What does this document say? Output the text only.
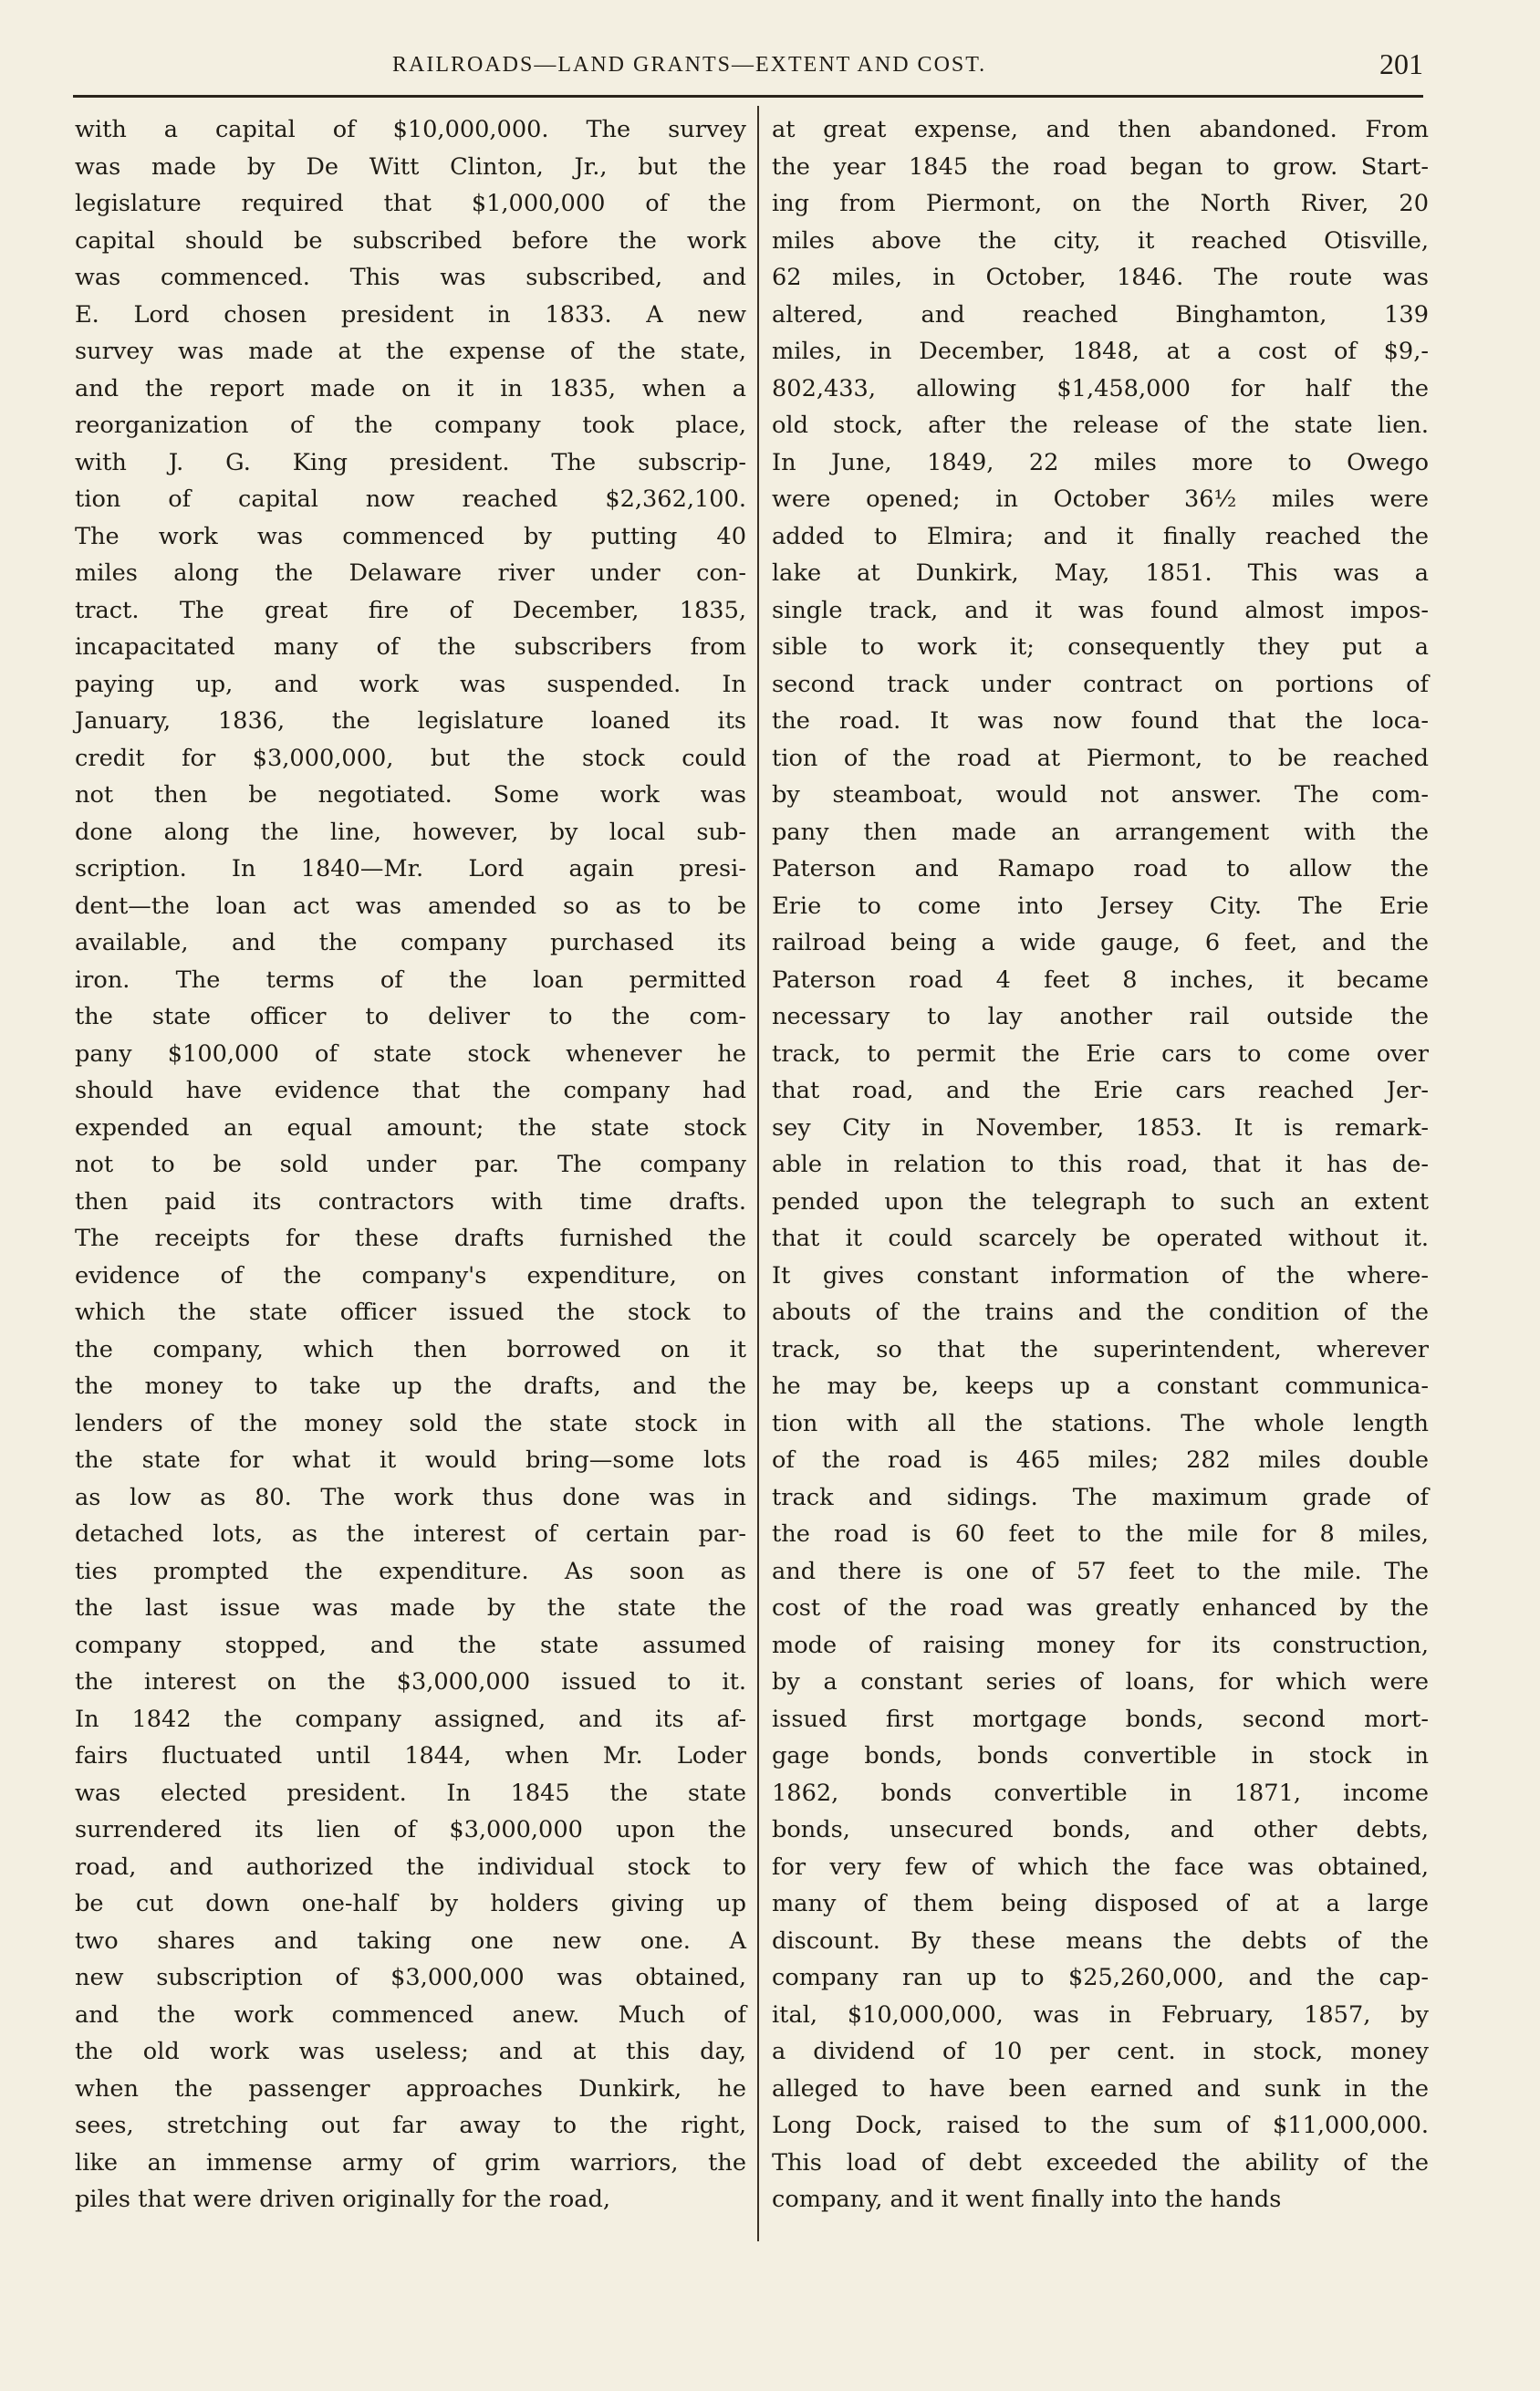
RAILROADS—LAND GRANTS—EXTENT AND COST.	201
with a capital of $10,000,000. The survey
was made by De Witt Clinton, Jr., but the
legislature required that $1,000,000 of the
capital should be subscribed before the work
was commenced. This was subscribed, and
E. Lord chosen president in 1833. A new
survey was made at the expense of the state,
and the report made on it in 1835, when a
reorganization of the company took place,
with J. G. King president. The subscrip-
tion of capital now reached $2,362,100.
The work was commenced by putting 40
miles along the Delaware river under con-
tract. The great fire of December, 1835,
incapacitated many of the subscribers from
paying up, and work was suspended. In
January, 1836, the legislature loaned its
credit for $3,000,000, but the stock could
not then be negotiated. Some work was
done along the line, however, by local sub-
scription. In 1840—Mr. Lord again presi-
dent—the loan act was amended so as to be
available, and the company purchased its
iron. The terms of the loan permitted
the state officer to deliver to the com-
pany $100,000 of state stock whenever he
should have evidence that the company had
expended an equal amount; the state stock
not to be sold under par. The company
then paid its contractors with time drafts.
The receipts for these drafts furnished the
evidence of the company's expenditure, on
which the state officer issued the stock to
the company, which then borrowed on it
the money to take up the drafts, and the
lenders of the money sold the state stock in
the state for what it would bring—some lots
as low as 80. The work thus done was in
detached lots, as the interest of certain par-
ties prompted the expenditure. As soon as
the last issue was made by the state the
company stopped, and the state assumed
the interest on the $3,000,000 issued to it.
In 1842 the company assigned, and its af-
fairs fluctuated until 1844, when Mr. Loder
was elected president. In 1845 the state
surrendered its lien of $3,000,000 upon the
road, and authorized the individual stock to
be cut down one-half by holders giving up
two shares and taking one new one. A
new subscription of $3,000,000 was obtained,
and the work commenced anew. Much of
the old work was useless; and at this day,
when the passenger approaches Dunkirk, he
sees, stretching out far away to the right,
like an immense army of grim warriors, the
piles that were driven originally for the road,
at great expense, and then abandoned. From
the year 1845 the road began to grow. Start-
ing from Piermont, on the North River, 20
miles above the city, it reached Otisville,
62 miles, in October, 1846. The route was
altered, and reached Binghamton, 139
miles, in December, 1848, at a cost of $9,-
802,433, allowing $1,458,000 for half the
old stock, after the release of the state lien.
In June, 1849, 22 miles more to Owego
were opened; in October 36½ miles were
added to Elmira; and it finally reached the
lake at Dunkirk, May, 1851. This was a
single track, and it was found almost impos-
sible to work it; consequently they put a
second track under contract on portions of
the road. It was now found that the loca-
tion of the road at Piermont, to be reached
by steamboat, would not answer. The com-
pany then made an arrangement with the
Paterson and Ramapo road to allow the
Erie to come into Jersey City. The Erie
railroad being a wide gauge, 6 feet, and the
Paterson road 4 feet 8 inches, it became
necessary to lay another rail outside the
track, to permit the Erie cars to come over
that road, and the Erie cars reached Jer-
sey City in November, 1853. It is remark-
able in relation to this road, that it has de-
pended upon the telegraph to such an extent
that it could scarcely be operated without it.
It gives constant information of the where-
abouts of the trains and the condition of the
track, so that the superintendent, wherever
he may be, keeps up a constant communica-
tion with all the stations. The whole length
of the road is 465 miles; 282 miles double
track and sidings. The maximum grade of
the road is 60 feet to the mile for 8 miles,
and there is one of 57 feet to the mile. The
cost of the road was greatly enhanced by the
mode of raising money for its construction,
by a constant series of loans, for which were
issued first mortgage bonds, second mort-
gage bonds, bonds convertible in stock in
1862, bonds convertible in 1871, income
bonds, unsecured bonds, and other debts,
for very few of which the face was obtained,
many of them being disposed of at a large
discount. By these means the debts of the
company ran up to $25,260,000, and the cap-
ital, $10,000,000, was in February, 1857, by
a dividend of 10 per cent. in stock, money
alleged to have been earned and sunk in the
Long Dock, raised to the sum of $11,000,000.
This load of debt exceeded the ability of the
company, and it went finally into the hands
